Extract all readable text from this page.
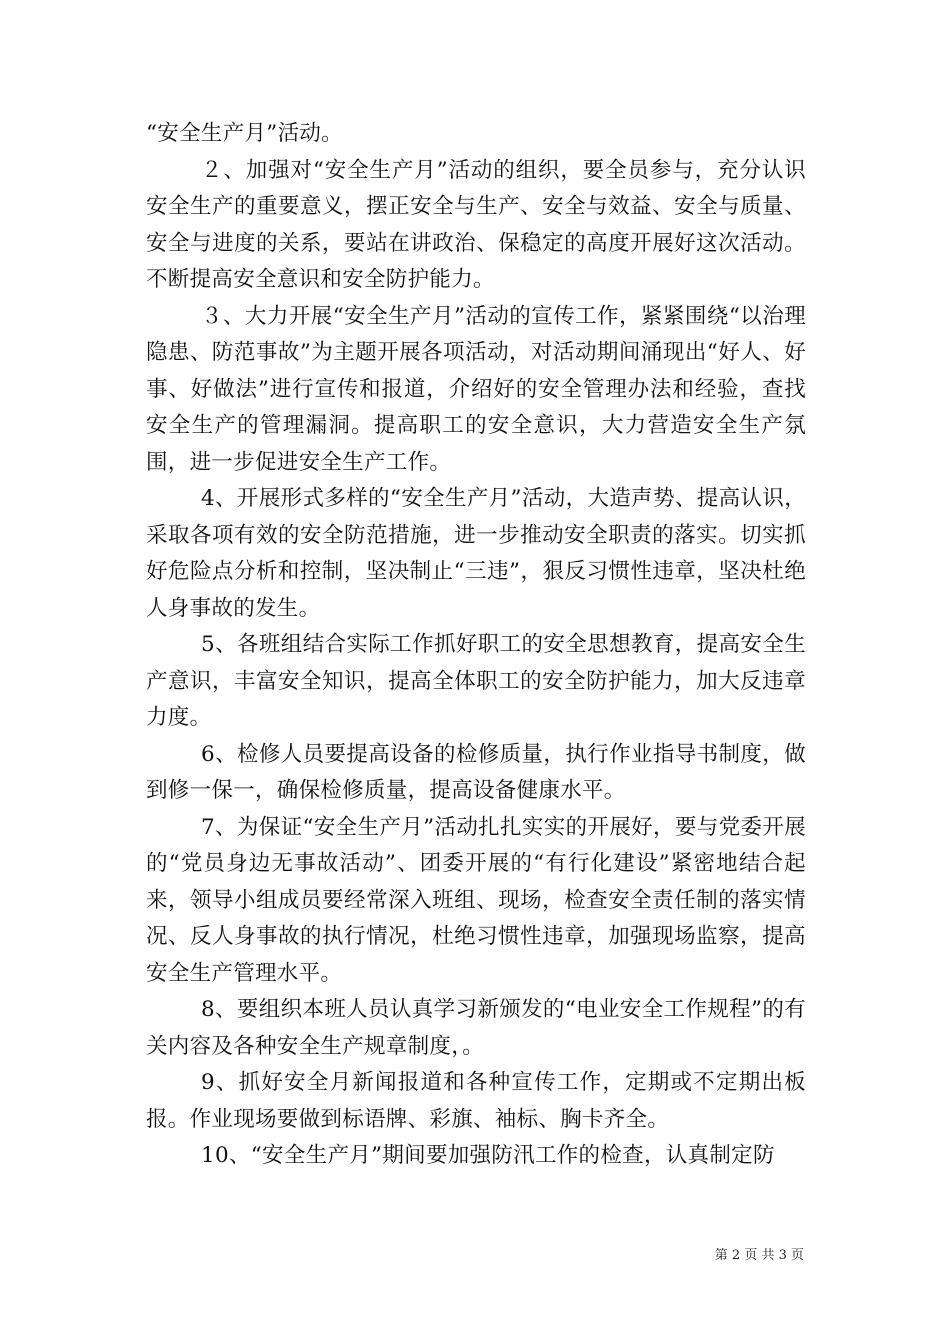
“安全生产月”活动。

２、加强对“安全生产月”活动的组织，要全员参与，充分认识安全生产的重要意义，摆正安全与生产、安全与效益、安全与质量、安全与进度的关系，要站在讲政治、保稳定的高度开展好这次活动。不断提高安全意识和安全防护能力。

３、大力开展“安全生产月”活动的宣传工作，紧紧围绕“以治理隐患、防范事故”为主题开展各项活动，对活动期间涌现出“好人、好事、好做法”进行宣传和报道，介绍好的安全管理办法和经验，查找安全生产的管理漏洞。提高职工的安全意识，大力营造安全生产氛围，进一步促进安全生产工作。

4、开展形式多样的“安全生产月”活动，大造声势、提高认识，采取各项有效的安全防范措施，进一步推动安全职责的落实。切实抓好危险点分析和控制，坚决制止“三违”，狠反习惯性违章，坚决杜绝人身事故的发生。

5、各班组结合实际工作抓好职工的安全思想教育，提高安全生产意识，丰富安全知识，提高全体职工的安全防护能力，加大反违章力度。

6、检修人员要提高设备的检修质量，执行作业指导书制度，做到修一保一，确保检修质量，提高设备健康水平。

7、为保证“安全生产月”活动扎扎实实的开展好，要与党委开展的“党员身边无事故活动”、团委开展的“有行化建设”紧密地结合起来，领导小组成员要经常深入班组、现场，检查安全责任制的落实情况、反人身事故的执行情况，杜绝习惯性违章，加强现场监察，提高安全生产管理水平。

8、要组织本班人员认真学习新颁发的“电业安全工作规程”的有关内容及各种安全生产规章制度，。

9、抓好安全月新闻报道和各种宣传工作，定期或不定期出板报。作业现场要做到标语牌、彩旗、袖标、胸卡齐全。

10、“安全生产月”期间要加强防汛工作的检查，认真制定防

第 2 页 共 3 页
